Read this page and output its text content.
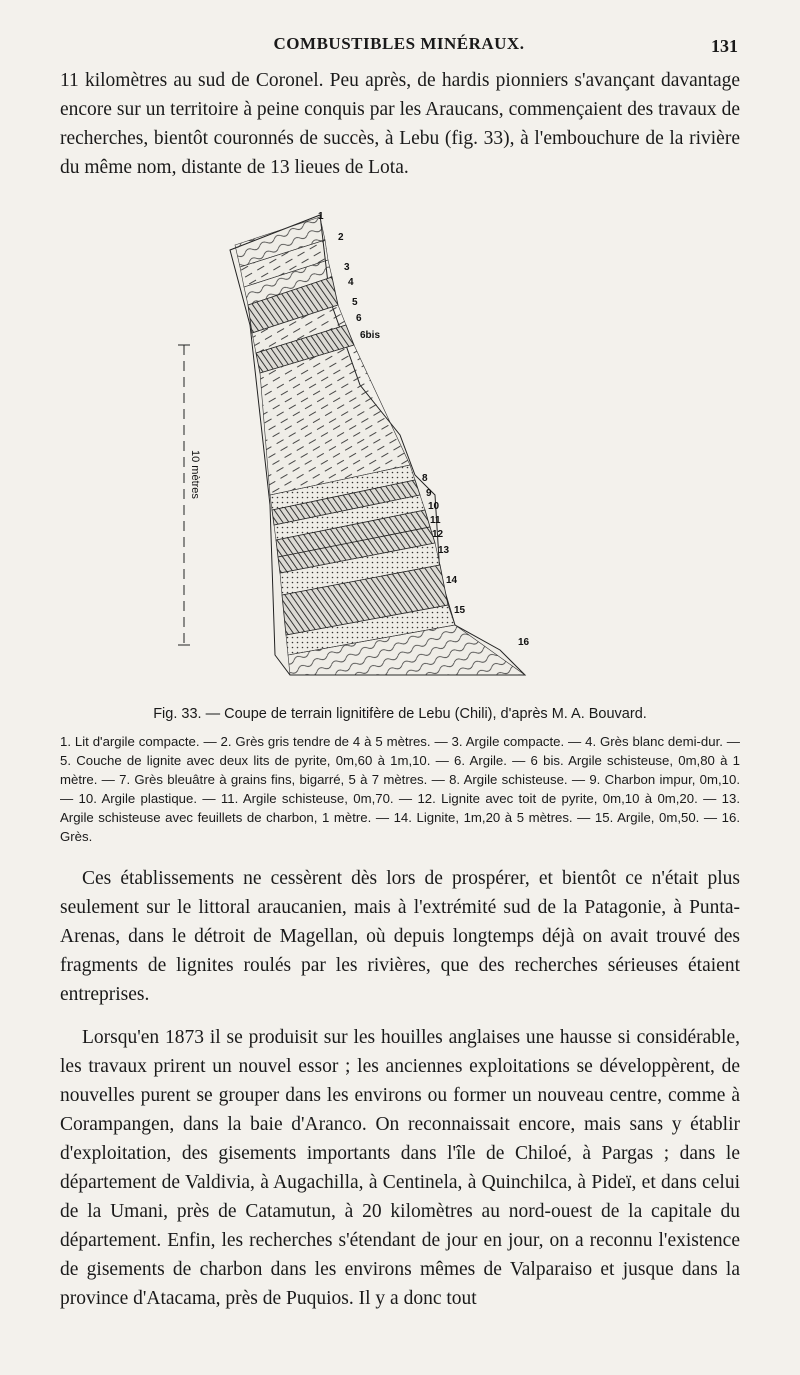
COMBUSTIBLES MINÉRAUX.	131

11 kilomètres au sud de Coronel. Peu après, de hardis pionniers s'avançant davantage encore sur un territoire à peine conquis par les Araucans, commençaient des travaux de recherches, bientôt couronnés de succès, à Lebu (fig. 33), à l'embouchure de la rivière du même nom, distante de 13 lieues de Lota.

10 mètres
1
2
3
4
5
6
6bis
8
9
10
11
12
13
14
15
16

Fig. 33. — Coupe de terrain lignitifère de Lebu (Chili), d'après M. A. Bouvard.

1. Lit d'argile compacte. — 2. Grès gris tendre de 4 à 5 mètres. — 3. Argile compacte. — 4. Grès blanc demi-dur. — 5. Couche de lignite avec deux lits de pyrite, 0m,60 à 1m,10. — 6. Argile. — 6 bis. Argile schisteuse, 0m,80 à 1 mètre. — 7. Grès bleuâtre à grains fins, bigarré, 5 à 7 mètres. — 8. Argile schisteuse. — 9. Charbon impur, 0m,10. — 10. Argile plastique. — 11. Argile schisteuse, 0m,70. — 12. Lignite avec toit de pyrite, 0m,10 à 0m,20. — 13. Argile schisteuse avec feuillets de charbon, 1 mètre. — 14. Lignite, 1m,20 à 5 mètres. — 15. Argile, 0m,50. — 16. Grès.

Ces établissements ne cessèrent dès lors de prospérer, et bientôt ce n'était plus seulement sur le littoral araucanien, mais à l'extrémité sud de la Patagonie, à Punta-Arenas, dans le détroit de Magellan, où depuis longtemps déjà on avait trouvé des fragments de lignites roulés par les rivières, que des recherches sérieuses étaient entreprises.

Lorsqu'en 1873 il se produisit sur les houilles anglaises une hausse si considérable, les travaux prirent un nouvel essor ; les anciennes exploitations se développèrent, de nouvelles purent se grouper dans les environs ou former un nouveau centre, comme à Corampangen, dans la baie d'Aranco. On reconnaissait encore, mais sans y établir d'exploitation, des gisements importants dans l'île de Chiloé, à Pargas ; dans le département de Valdivia, à Augachilla, à Centinela, à Quinchilca, à Pideï, et dans celui de la Umani, près de Catamutun, à 20 kilomètres au nord-ouest de la capitale du département. Enfin, les recherches s'étendant de jour en jour, on a reconnu l'existence de gisements de charbon dans les environs mêmes de Valparaiso et jusque dans la province d'Atacama, près de Puquios. Il y a donc tout
